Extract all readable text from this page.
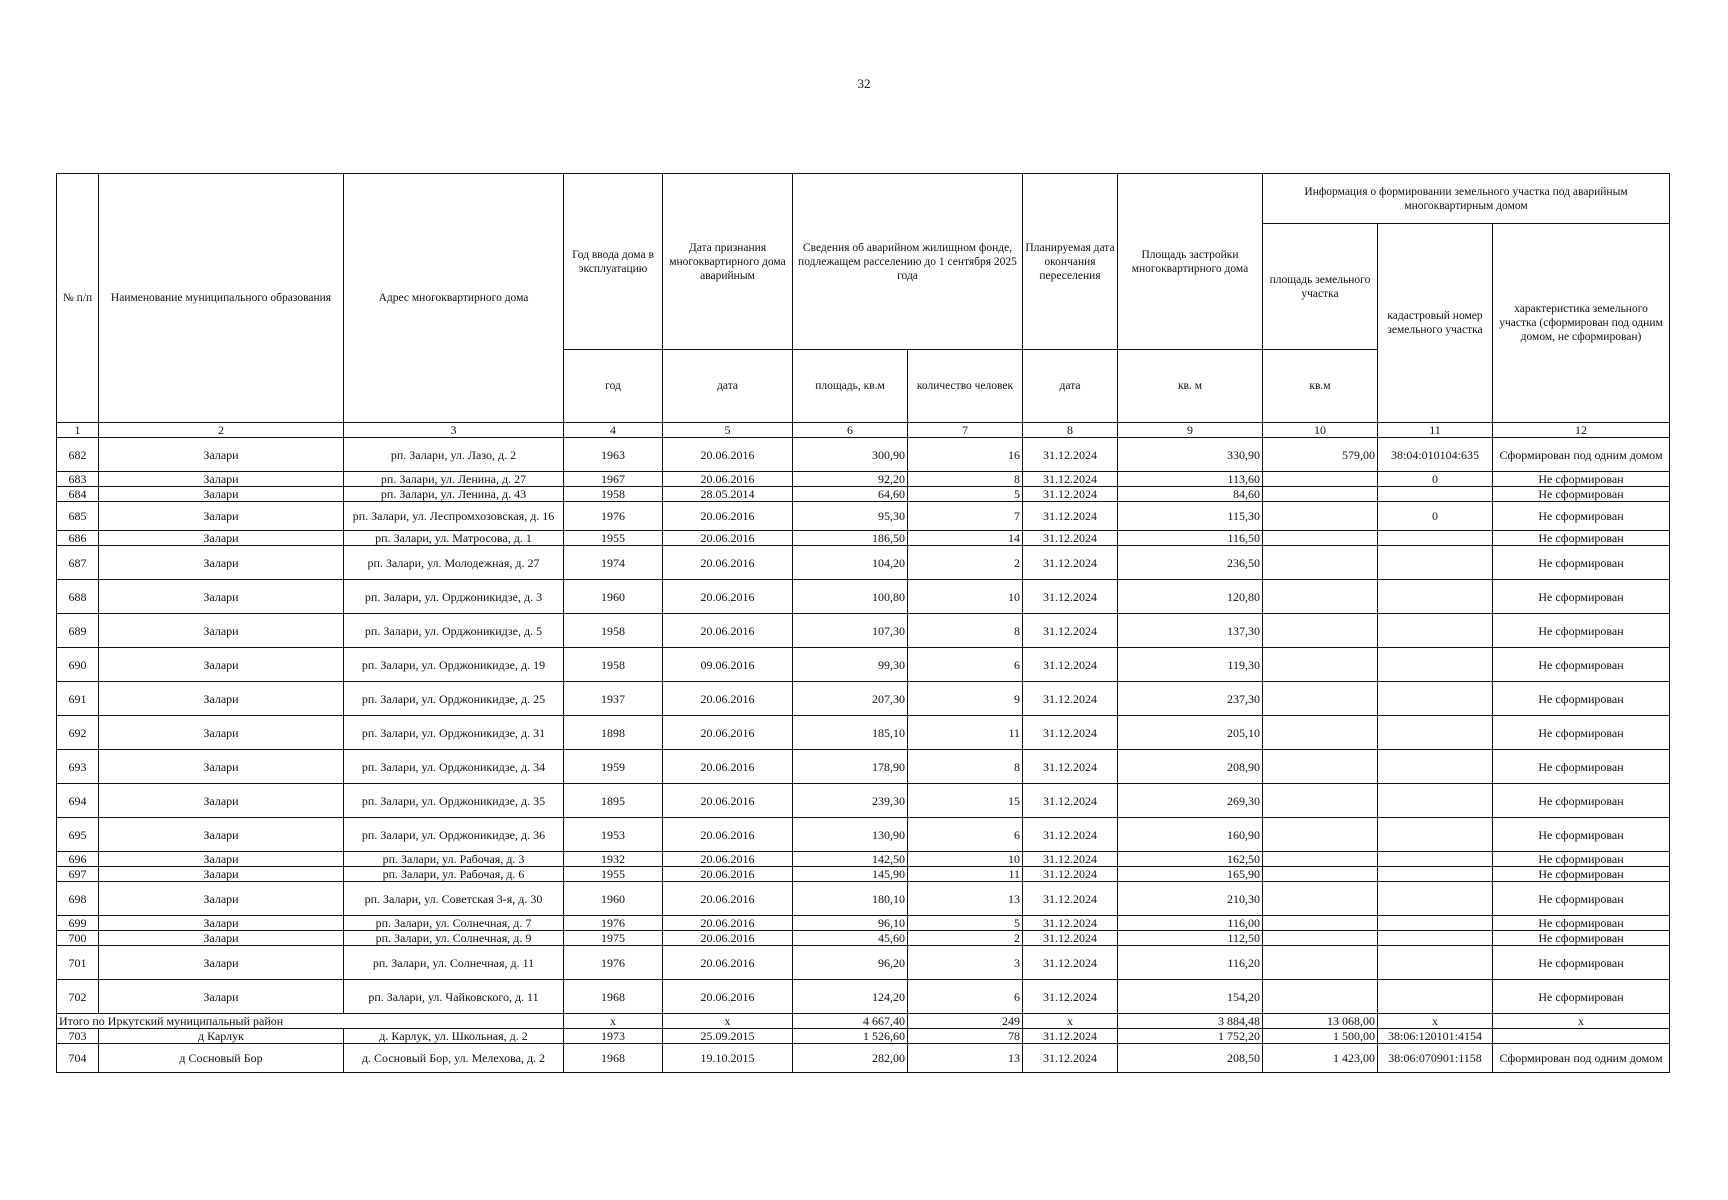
32
№ п/п	Наименование муниципального образования	Адрес многоквартирного дома	Год ввода дома в эксплуатацию	Дата признания многоквартирного дома аварийным	Сведения об аварийном жилищном фонде, подлежащем расселению до 1 сентября 2025 года		Планируемая дата окончания переселения	Площадь застройки многоквартирного дома	Информация о формировании земельного участка под аварийным многоквартирным домом		
									площадь земельного участка	кадастровый номер земельного участка	характеристика земельного участка (сформирован под одним домом, не сформирован)
			год	дата	площадь, кв.м	количество человек	дата	кв. м	кв.м		
1	2	3	4	5	6	7	8	9	10	11	12
682	Залари	рп. Залари, ул. Лазо, д. 2	1963	20.06.2016	300,90	16	31.12.2024	330,90	579,00	38:04:010104:635	Сформирован под одним домом
683	Залари	рп. Залари, ул. Ленина, д. 27	1967	20.06.2016	92,20	8	31.12.2024	113,60		0	Не сформирован
684	Залари	рп. Залари, ул. Ленина, д. 43	1958	28.05.2014	64,60	5	31.12.2024	84,60			Не сформирован
685	Залари	рп. Залари, ул. Леспромхозовская, д. 16	1976	20.06.2016	95,30	7	31.12.2024	115,30		0	Не сформирован
686	Залари	рп. Залари, ул. Матросова, д. 1	1955	20.06.2016	186,50	14	31.12.2024	116,50			Не сформирован
687	Залари	рп. Залари, ул. Молодежная, д. 27	1974	20.06.2016	104,20	2	31.12.2024	236,50			Не сформирован
688	Залари	рп. Залари, ул. Орджоникидзе, д. 3	1960	20.06.2016	100,80	10	31.12.2024	120,80			Не сформирован
689	Залари	рп. Залари, ул. Орджоникидзе, д. 5	1958	20.06.2016	107,30	8	31.12.2024	137,30			Не сформирован
690	Залари	рп. Залари, ул. Орджоникидзе, д. 19	1958	09.06.2016	99,30	6	31.12.2024	119,30			Не сформирован
691	Залари	рп. Залари, ул. Орджоникидзе, д. 25	1937	20.06.2016	207,30	9	31.12.2024	237,30			Не сформирован
692	Залари	рп. Залари, ул. Орджоникидзе, д. 31	1898	20.06.2016	185,10	11	31.12.2024	205,10			Не сформирован
693	Залари	рп. Залари, ул. Орджоникидзе, д. 34	1959	20.06.2016	178,90	8	31.12.2024	208,90			Не сформирован
694	Залари	рп. Залари, ул. Орджоникидзе, д. 35	1895	20.06.2016	239,30	15	31.12.2024	269,30			Не сформирован
695	Залари	рп. Залари, ул. Орджоникидзе, д. 36	1953	20.06.2016	130,90	6	31.12.2024	160,90			Не сформирован
696	Залари	рп. Залари, ул. Рабочая, д. 3	1932	20.06.2016	142,50	10	31.12.2024	162,50			Не сформирован
697	Залари	рп. Залари, ул. Рабочая, д. 6	1955	20.06.2016	145,90	11	31.12.2024	165,90			Не сформирован
698	Залари	рп. Залари, ул. Советская 3-я, д. 30	1960	20.06.2016	180,10	13	31.12.2024	210,30			Не сформирован
699	Залари	рп. Залари, ул. Солнечная, д. 7	1976	20.06.2016	96,10	5	31.12.2024	116,00			Не сформирован
700	Залари	рп. Залари, ул. Солнечная, д. 9	1975	20.06.2016	45,60	2	31.12.2024	112,50			Не сформирован
701	Залари	рп. Залари, ул. Солнечная, д. 11	1976	20.06.2016	96,20	3	31.12.2024	116,20			Не сформирован
702	Залари	рп. Залари, ул. Чайковского, д. 11	1968	20.06.2016	124,20	6	31.12.2024	154,20			Не сформирован
Итого по Иркутский муниципальный район			x	x	4 667,40	249	x	3 884,48	13 068,00	x	x
703	д Карлук	д. Карлук, ул. Школьная, д. 2	1973	25.09.2015	1 526,60	78	31.12.2024	1 752,20	1 500,00	38:06:120101:4154	
704	д Сосновый Бор	д. Сосновый Бор, ул. Мелехова, д. 2	1968	19.10.2015	282,00	13	31.12.2024	208,50	1 423,00	38:06:070901:1158	Сформирован под одним домом
